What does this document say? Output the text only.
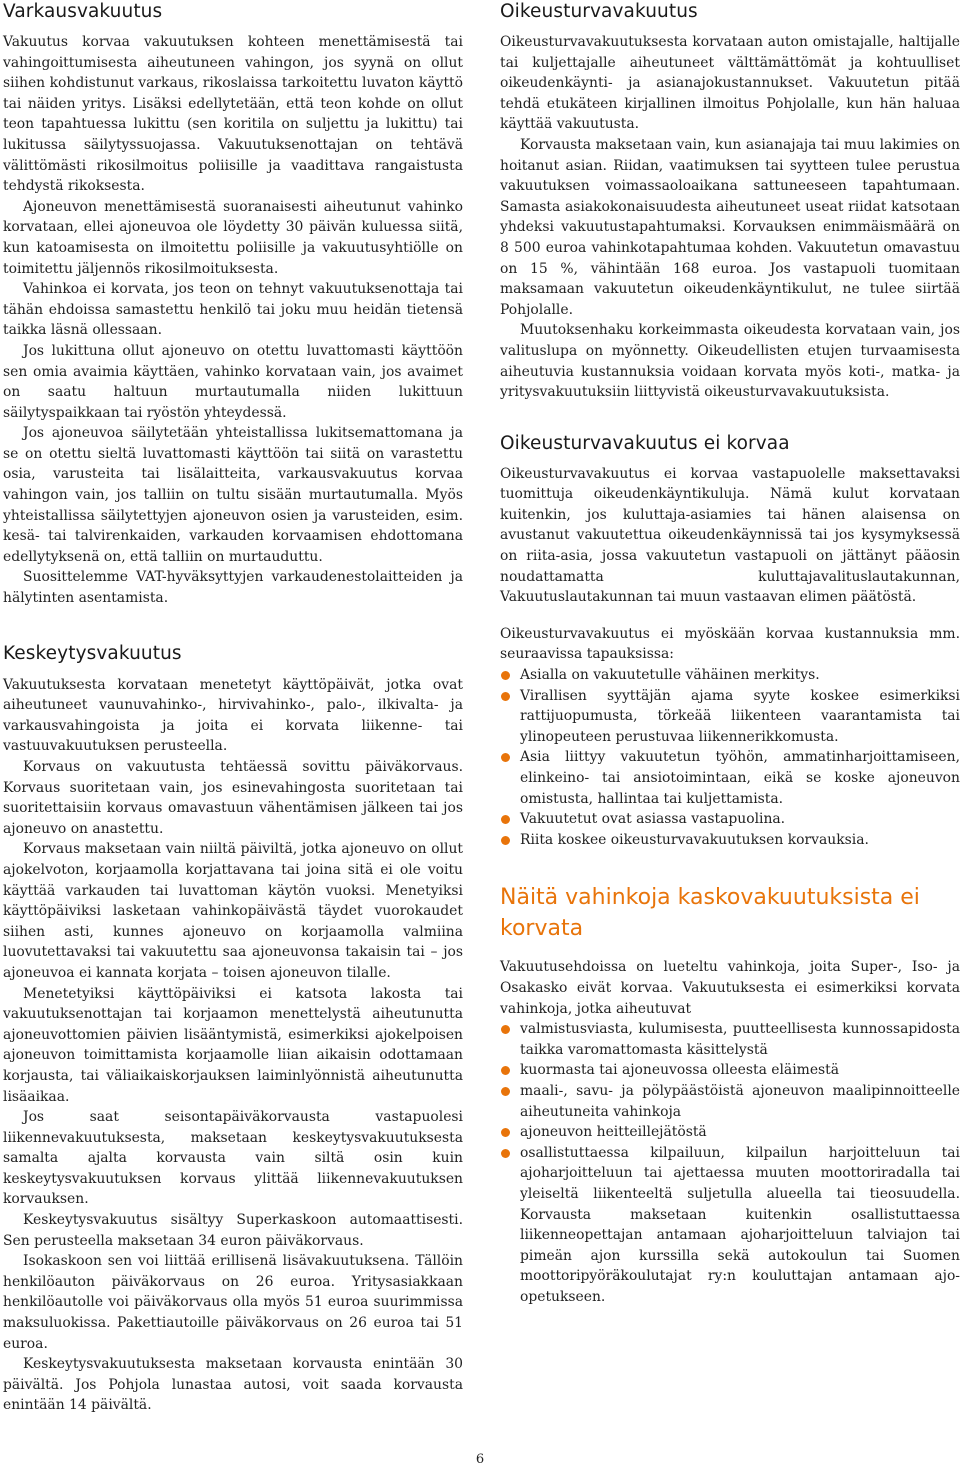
Varkausvakuutus

Vakuutus korvaa vakuutuksen kohteen menettämisestä tai vahingoittumisesta aiheutuneen vahingon, jos syynä on ollut siihen kohdistunut varkaus, rikoslaissa tarkoitettu luvaton käyttö tai näiden yritys. Lisäksi edellytetään, että teon kohde on ollut teon tapahtuessa lukittu (sen koritila on suljettu ja lukittu) tai lukitussa säilytyssuojassa. Vakuutuksenottajan on tehtävä välittömästi rikosilmoitus poliisille ja vaadittava rangaistusta tehdystä rikoksesta.

Ajoneuvon menettämisestä suoranaisesti aiheutunut vahinko korvataan, ellei ajoneuvoa ole löydetty 30 päivän kuluessa siitä, kun katoamisesta on ilmoitettu poliisille ja vakuutusyhtiölle on toimitettu jäljennös rikosilmoituksesta.

Vahinkoa ei korvata, jos teon on tehnyt vakuutuksenottaja tai tähän ehdoissa samastettu henkilö tai joku muu heidän tietensä taikka läsnä ollessaan.

Jos lukittuna ollut ajoneuvo on otettu luvattomasti käyttöön sen omia avaimia käyttäen, vahinko korvataan vain, jos avaimet on saatu haltuun murtautumalla niiden lukittuun säilytyspaikkaan tai ryöstön yhteydessä.

Jos ajoneuvoa säilytetään yhteistallissa lukitsemattomana ja se on otettu sieltä luvattomasti käyttöön tai siitä on varastettu osia, varusteita tai lisälaitteita, varkausvakuutus korvaa vahingon vain, jos talliin on tultu sisään murtautumalla. Myös yhteistallissa säilytettyjen ajoneuvon osien ja varusteiden, esim. kesä- tai talvirenkaiden, varkauden korvaamisen ehdottomana edellytyksenä on, että talliin on murtauduttu.

Suosittelemme VAT-hyväksyttyjen varkaudenestolaitteiden ja hälytinten asentamista.

Keskeytysvakuutus

Vakuutuksesta korvataan menetetyt käyttöpäivät, jotka ovat aiheutuneet vaunuvahinko-, hirvivahinko-, palo-, ilkivalta- ja varkausvahingoista ja joita ei korvata liikenne- tai vastuuvakuutuksen perusteella.

Korvaus on vakuutusta tehtäessä sovittu päiväkorvaus. Korvaus suoritetaan vain, jos esinevahingosta suoritetaan tai suoritettaisiin korvaus omavastuun vähentämisen jälkeen tai jos ajoneuvo on anastettu.

Korvaus maksetaan vain niiltä päiviltä, jotka ajoneuvo on ollut ajokelvoton, korjaamolla korjattavana tai joina sitä ei ole voitu käyttää varkauden tai luvattoman käytön vuoksi. Menetyiksi käyttöpäiviksi lasketaan vahinkopäivästä täydet vuorokaudet siihen asti, kunnes ajoneuvo on korjaamolla valmiina luovutettavaksi tai vakuutettu saa ajoneuvonsa takaisin tai – jos ajoneuvoa ei kannata korjata – toisen ajoneuvon tilalle.

Menetetyiksi käyttöpäiviksi ei katsota lakosta tai vakuutuksenottajan tai korjaamon menettelystä aiheutunutta ajoneuvottomien päivien lisääntymistä, esimerkiksi ajokelpoisen ajoneuvon toimittamista korjaamolle liian aikaisin odottamaan korjausta, tai väliaikaiskorjauksen laiminlyönnistä aiheutunutta lisäaikaa.

Jos saat seisontapäiväkorvausta vastapuolesi liikennevakuutuksesta, maksetaan keskeytysvakuutuksesta samalta ajalta korvausta vain siltä osin kuin keskeytysvakuutuksen korvaus ylittää liikennevakuutuksen korvauksen.

Keskeytysvakuutus sisältyy Superkaskoon automaattisesti. Sen perusteella maksetaan 34 euron päiväkorvaus.

Isokaskoon sen voi liittää erillisenä lisävakuutuksena. Tällöin henkilöauton päiväkorvaus on 26 euroa. Yritysasiakkaan henkilöautolle voi päiväkorvaus olla myös 51 euroa suurimmissa maksuluokissa. Pakettiautoille päiväkorvaus on 26 euroa tai 51 euroa.

Keskeytysvakuutuksesta maksetaan korvausta enintään 30 päivältä. Jos Pohjola lunastaa autosi, voit saada korvausta enintään 14 päivältä.

Oikeusturvavakuutus

Oikeusturvavakuutuksesta korvataan auton omistajalle, haltijalle tai kuljettajalle aiheutuneet välttämättömät ja kohtuulliset oikeudenkäynti- ja asianajokustannukset. Vakuutetun pitää tehdä etukäteen kirjallinen ilmoitus Pohjolalle, kun hän haluaa käyttää vakuutusta.

Korvausta maksetaan vain, kun asianajaja tai muu lakimies on hoitanut asian. Riidan, vaatimuksen tai syytteen tulee perustua vakuutuksen voimassaoloaikana sattuneeseen tapahtumaan. Samasta asiakokonaisuudesta aiheutuneet useat riidat katsotaan yhdeksi vakuutustapahtumaksi. Korvauksen enimmäismäärä on 8 500 euroa vahinkotapahtumaa kohden. Vakuutetun omavastuu on 15 %, vähintään 168 euroa. Jos vastapuoli tuomitaan maksamaan vakuutetun oikeudenkäyntikulut, ne tulee siirtää Pohjolalle.

Muutoksenhaku korkeimmasta oikeudesta korvataan vain, jos valituslupa on myönnetty. Oikeudellisten etujen turvaamisesta aiheutuvia kustannuksia voidaan korvata myös koti-, matka- ja yritysvakuutuksiin liittyvistä oikeusturvavakuutuksista.

Oikeusturvavakuutus ei korvaa

Oikeusturvavakuutus ei korvaa vastapuolelle maksettavaksi tuomittuja oikeudenkäyntikuluja. Nämä kulut korvataan kuitenkin, jos kuluttaja-asiamies tai hänen alaisensa on avustanut vakuutettua oikeudenkäynnissä tai jos kysymyksessä on riita-asia, jossa vakuutetun vastapuoli on jättänyt pääosin noudattamatta kuluttajavalituslautakunnan, Vakuutuslautakunnan tai muun vastaavan elimen päätöstä.

Oikeusturvavakuutus ei myöskään korvaa kustannuksia mm. seuraavissa tapauksissa:

Asialla on vakuutetulle vähäinen merkitys.
Virallisen syyttäjän ajama syyte koskee esimerkiksi rattijuopumusta, törkeää liikenteen vaarantamista tai ylinopeuteen perustuvaa liikennerikkomusta.
Asia liittyy vakuutetun työhön, ammatinharjoittamiseen, elinkeino- tai ansiotoimintaan, eikä se koske ajoneuvon omistusta, hallintaa tai kuljettamista.
Vakuutetut ovat asiassa vastapuolina.
Riita koskee oikeusturvavakuutuksen korvauksia.
Näitä vahinkoja kaskovakuutuksista ei korvata

Vakuutusehdoissa on lueteltu vahinkoja, joita Super-, Iso- ja Osakasko eivät korvaa. Vakuutuksesta ei esimerkiksi korvata vahinkoja, jotka aiheutuvat

valmistusviasta, kulumisesta, puutteellisesta kunnossapidosta taikka varomattomasta käsittelystä
kuormasta tai ajoneuvossa olleesta eläimestä
maali-, savu- ja pölypäästöistä ajoneuvon maalipinnoitteelle aiheutuneita vahinkoja
ajoneuvon heitteillejätöstä
osallistuttaessa kilpailuun, kilpailun harjoitteluun tai ajoharjoitteluun tai ajettaessa muuten moottoriradalla tai yleiseltä liikenteeltä suljetulla alueella tai tieosuudella. Korvausta maksetaan kuitenkin osallistuttaessa liikenneopettajan antamaan ajoharjoitteluun talviajon tai pimeän ajon kurssilla sekä autokoulun tai Suomen moottoripyöräkoulutajat ry:n kouluttajan antamaan ajo-opetukseen.
6
